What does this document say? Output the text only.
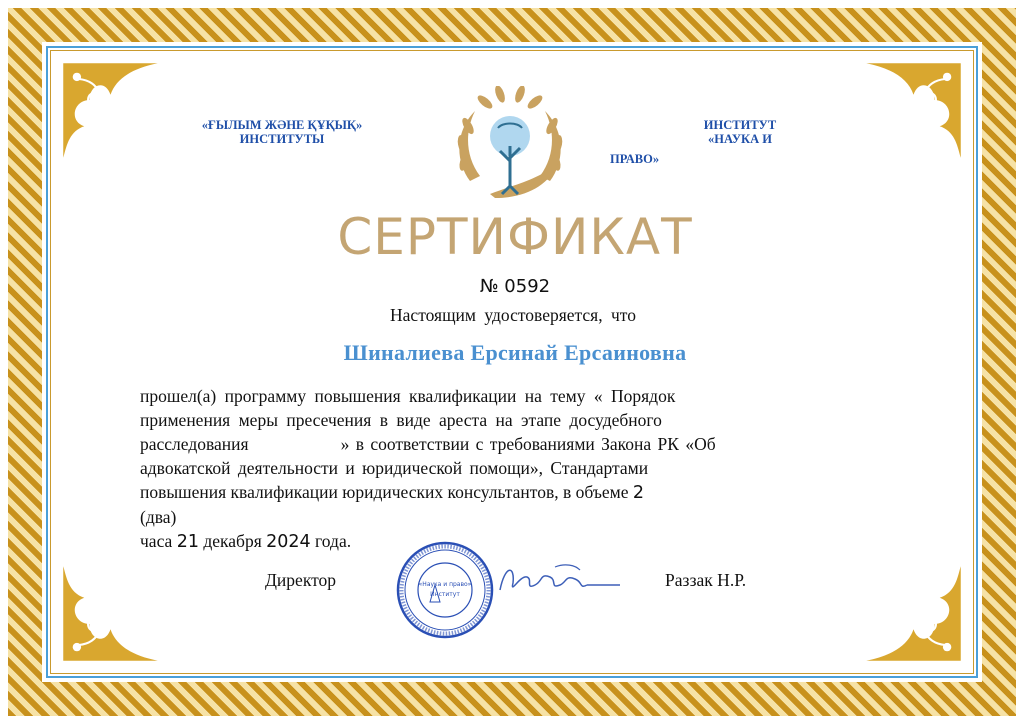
«ҒЫЛЫМ ЖӘНЕ ҚҰҚЫҚ»
ИНСТИТУТЫ
ИНСТИТУТ
«НАУКА И
ПРАВО»
СЕРТИФИКАТ
№ 0592
Настоящим удостоверяется, что
Шиналиева Ерсинай Ерсаиновна
прошел(а) программу повышения квалификации на тему « Порядок
применения меры пресечения в виде ареста на этапе досудебного
расследования	» в соответствии с требованиями Закона РК «Об
адвокатской деятельности и юридической помощи», Стандартами
повышения квалификации юридических консультантов, в объеме 2
(два)
часа 21 декабря 2024 года.
Директор	Раззак Н.Р.
«Наука и право»
Институт
